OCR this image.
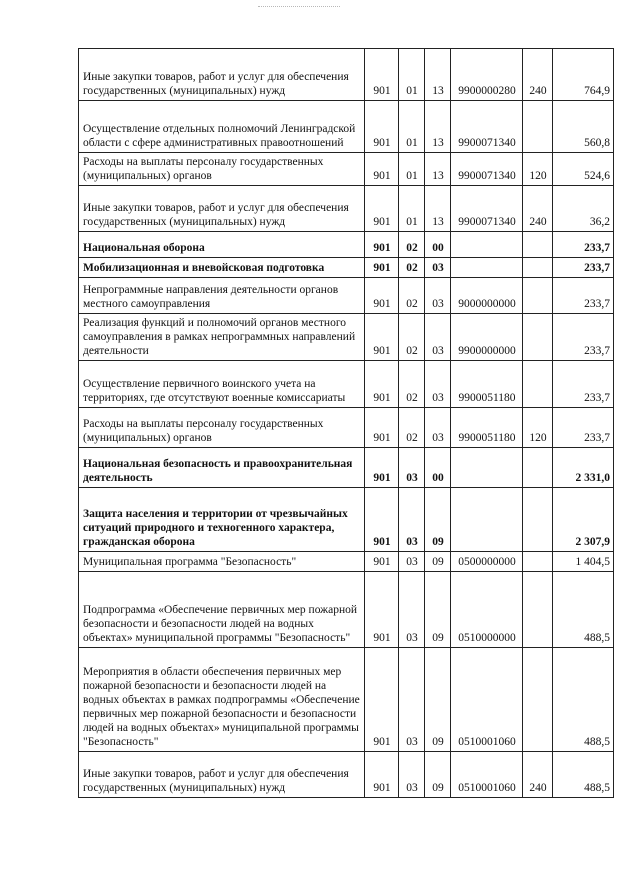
Иные закупки товаров, работ и услуг для обеспечения государственных (муниципальных) нужд	901	01	13	9900000280	240	764,9
Осуществление отдельных полномочий Ленинградской области с сфере административных правоотношений	901	01	13	9900071340		560,8
Расходы на выплаты персоналу государственных (муниципальных) органов	901	01	13	9900071340	120	524,6
Иные закупки товаров, работ и услуг для обеспечения государственных (муниципальных) нужд	901	01	13	9900071340	240	36,2
Национальная оборона	901	02	00			233,7
Мобилизационная и вневойсковая подготовка	901	02	03			233,7
Непрограммные направления деятельности органов местного самоуправления	901	02	03	9000000000		233,7
Реализация функций и полномочий органов местного самоуправления в рамках непрограммных направлений деятельности	901	02	03	9900000000		233,7
Осуществление первичного воинского учета на территориях, где отсутствуют военные комиссариаты	901	02	03	9900051180		233,7
Расходы на выплаты персоналу государственных (муниципальных) органов	901	02	03	9900051180	120	233,7
Национальная безопасность и правоохранительная деятельность	901	03	00			2 331,0
Защита населения и территории от чрезвычайных ситуаций природного и техногенного характера, гражданская оборона	901	03	09			2 307,9
Муниципальная программа "Безопасность"	901	03	09	0500000000		1 404,5
Подпрограмма «Обеспечение первичных мер пожарной безопасности и безопасности людей на водных объектах» муниципальной программы "Безопасность"	901	03	09	0510000000		488,5
Мероприятия в области обеспечения первичных мер пожарной безопасности и безопасности людей на водных объектах в рамках подпрограммы «Обеспечение первичных мер пожарной безопасности и безопасности людей на водных объектах» муниципальной программы "Безопасность"	901	03	09	0510001060		488,5
Иные закупки товаров, работ и услуг для обеспечения государственных (муниципальных) нужд	901	03	09	0510001060	240	488,5
